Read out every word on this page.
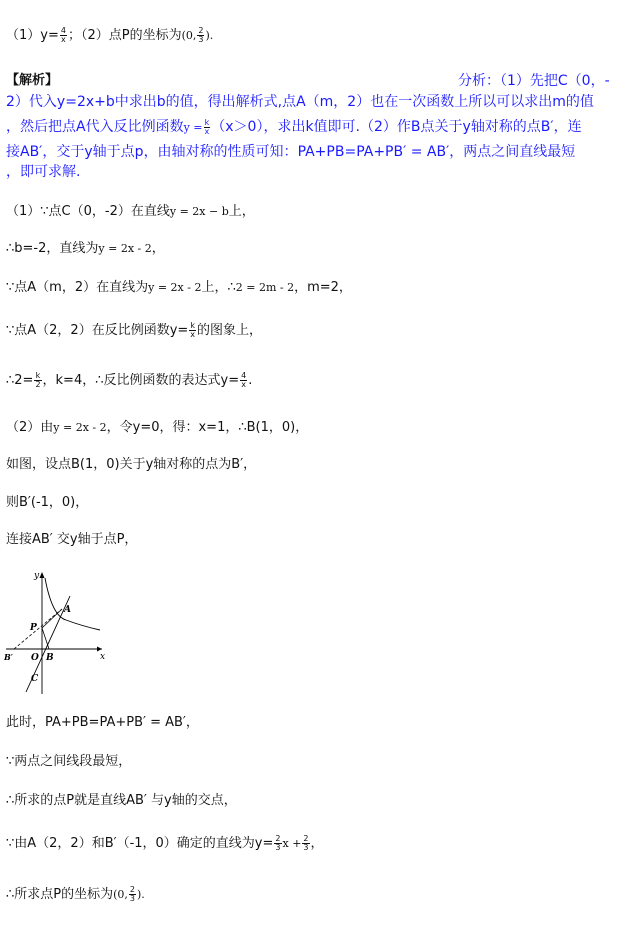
$(1)y= \frac{4}{x}$ ；（2）点P的坐标为(0, $\frac{2}{3}$ ).
【解析】	分析：（1）先把C（0，-
2）代入y=2x+b中求出b的值，得出解析式,点A（m，2）也在一次函数上所以可以求出m的值
，然后把点A代入反比例函数$y = \frac{k}{x} (x>0)$，求出k值即可.（2）作B点关于y轴对称的点B′，连
接AB′，交于y轴于点p，由轴对称的性质可知：PA+PB=PA+PB′ = AB′，两点之间直线最短
，即可求解.
（1）∵点C（0，-2）在直线y = 2x − b上，
∴b=-2，直线为y = 2x - 2，
∵点A（m，2）在直线为y = 2x - 2上，∴2 = 2m - 2，m=2，
∵点A（2，2）在反比例函数$y= \frac{k}{x}$ 的图象上，
∴2= $\frac{k}{2}$ ，k=4，∴反比例函数的表达式$y= \frac{4}{x}$ .
（2）由y = 2x - 2，令y=0，得：x=1，∴B(1，0)，
如图，设点B(1，0)关于y轴对称的点为B′，
则B′(-1，0)，
连接AB′ 交y轴于点P，
y
x
A
P
B
B′ O
C
此时，PA+PB=PA+PB′ = AB′，
∵两点之间线段最短，
∴所求的点P就是直线AB′ 与y轴的交点，
∵由A（2，2）和B′（-1，0）确定的直线为$y= \frac{2}{3}$ $x + \frac{2}{3}$ ，
∴所求点P的坐标为(0, $\frac{2}{3}$ ).
